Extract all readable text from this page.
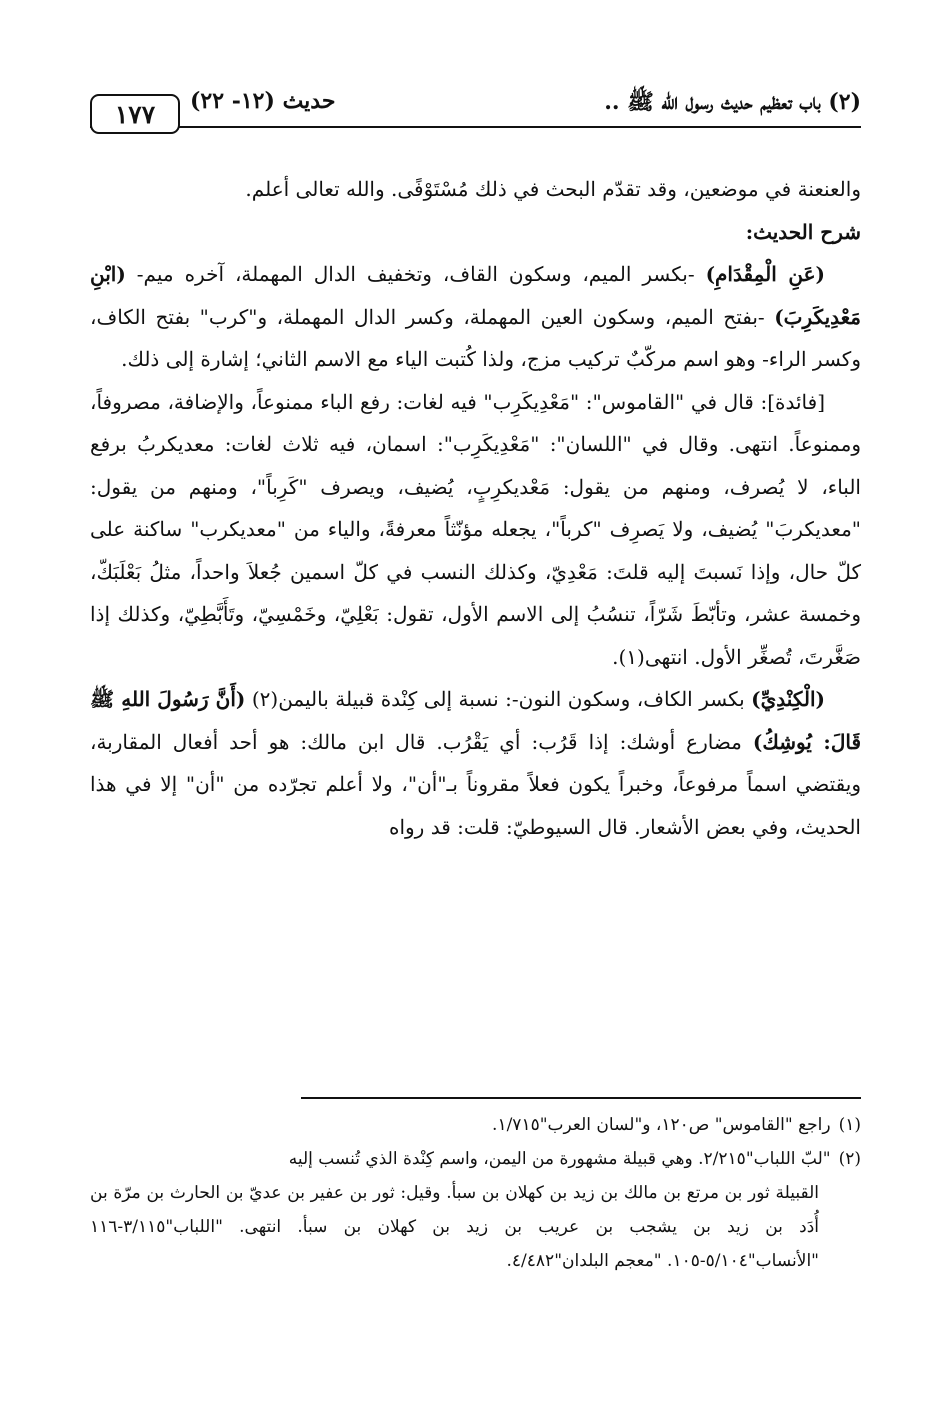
١٧٧ حديث (١٢- ٢٢)	(٢) باب تعظيم حديث رسول الله ﷺ ..

والعنعنة في موضعين، وقد تقدّم البحث في ذلك مُسْتَوْفًى. والله تعالى أعلم.

شرح الحديث:

(عَنِ الْمِقْدَامِ) -بكسر الميم، وسكون القاف، وتخفيف الدال المهملة، آخره ميم- (ابْنِ مَعْدِيكَرِبَ) -بفتح الميم، وسكون العين المهملة، وكسر الدال المهملة، و"كرب" بفتح الكاف، وكسر الراء- وهو اسم مركّبٌ تركيب مزج، ولذا كُتبت الياء مع الاسم الثاني؛ إشارة إلى ذلك.

[فائدة]: قال في "القاموس": "مَعْدِيكَرِب" فيه لغات: رفع الباء ممنوعاً، والإضافة، مصروفاً، وممنوعاً. انتهى. وقال في "اللسان": "مَعْدِيكَرِب": اسمان، فيه ثلاث لغات: معديكربُ برفع الباء، لا يُصرف، ومنهم من يقول: مَعْديكرِبٍ، يُضيف، ويصرف "كَرِباً"، ومنهم من يقول: "معديكربَ" يُضيف، ولا يَصرِف "كرباً"، يجعله مؤنّثاً معرفةً، والياء من "معديكرب" ساكنة على كلّ حال، وإذا نَسبتَ إليه قلتَ: مَعْدِيّ، وكذلك النسب في كلّ اسمين جُعلاَ واحداً، مثلُ بَعْلَبَكّ، وخمسة عشر، وتأبّطَ شَرّاً، تنسُبُ إلى الاسم الأول، تقول: بَعْلِيّ، وخَمْسِيّ، وتَأَبَّطِيّ، وكذلك إذا صَغَّرتَ، تُصغِّر الأول. انتهى(١).

(الْكِنْدِيِّ) بكسر الكاف، وسكون النون-: نسبة إلى كِنْدة قبيلة باليمن(٢) (أَنَّ رَسُولَ اللهِ ﷺ قَالَ: يُوشِكُ) مضارع أوشك: إذا قَرُب: أي يَقْرُب. قال ابن مالك: هو أحد أفعال المقاربة، ويقتضي اسماً مرفوعاً، وخبراً يكون فعلاً مقروناً بـ"أن"، ولا أعلم تجرّده من "أن" إلا في هذا الحديث، وفي بعض الأشعار. قال السيوطيّ: قلت: قد رواه

(١)راجع "القاموس" ص١٢٠، و"لسان العرب"١/٧١٥.

(٢)"لبّ اللباب"٢/٢١٥. وهي قبيلة مشهورة من اليمن، واسم كِنْدة الذي تُنسب إليه

القبيلة ثور بن مرتع بن مالك بن زيد بن كهلان بن سبأ. وقيل: ثور بن عفير بن عديّ بن الحارث بن مرّة بن أُدَد بن زيد بن يشجب بن عريب بن زيد بن كهلان بن سبأ. انتهى. "اللباب"٣/١١٥-١١٦ "الأنساب"٥/١٠٤-١٠٥. "معجم البلدان"٤/٤٨٢.
